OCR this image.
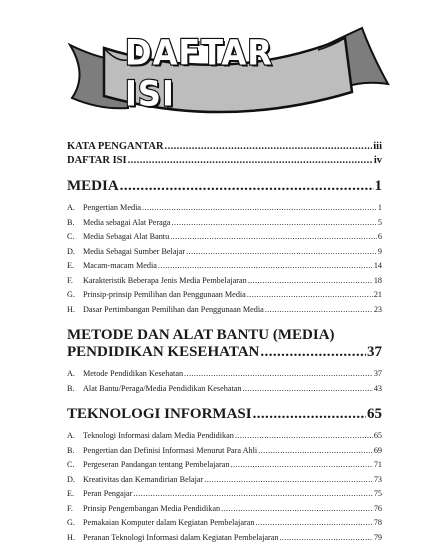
DAFTAR ISI
KATA PENGANTAR .....	iii
DAFTAR ISI .....	iv
MEDIA .....	1
A. Pengertian Media .....	1
B. Media sebagai Alat Peraga .....	5
C. Media Sebagai Alat Bantu .....	6
D. Media Sebagai Sumber Belajar .....	9
E. Macam-macam Media .....	14
F. Karakteristik Beberapa Jenis Media Pembelajaran .....	18
G. Prinsip-prinsip Pemilihan dan Penggunaan Media .....	21
H. Dasar Pertimbangan Pemilihan dan Penggunaan Media .....	23
METODE DAN ALAT BANTU (MEDIA)
PENDIDIKAN KESEHATAN .....	37
A. Metode Pendidikan Kesehatan .....	37
B. Alat Bantu/Peraga/Media Pendidikan Kesehatan .....	43
TEKNOLOGI INFORMASI .....	65
A. Teknologi Informasi dalam Media Pendidikan .....	65
B. Pengertian dan Definisi Informasi Menurut Para Ahli .....	69
C. Pergeseran Pandangan tentang Pembelajaran .....	71
D. Kreativitas dan Kemandirian Belajar .....	73
E. Peran Pengajar .....	75
F. Prinsip Pengembangan Media Pendidikan .....	76
G. Pemakaian Komputer dalam Kegiatan Pembelajaran .....	78
H. Peranan Teknologi Informasi dalam Kegiatan Pembelajaran .....	79
